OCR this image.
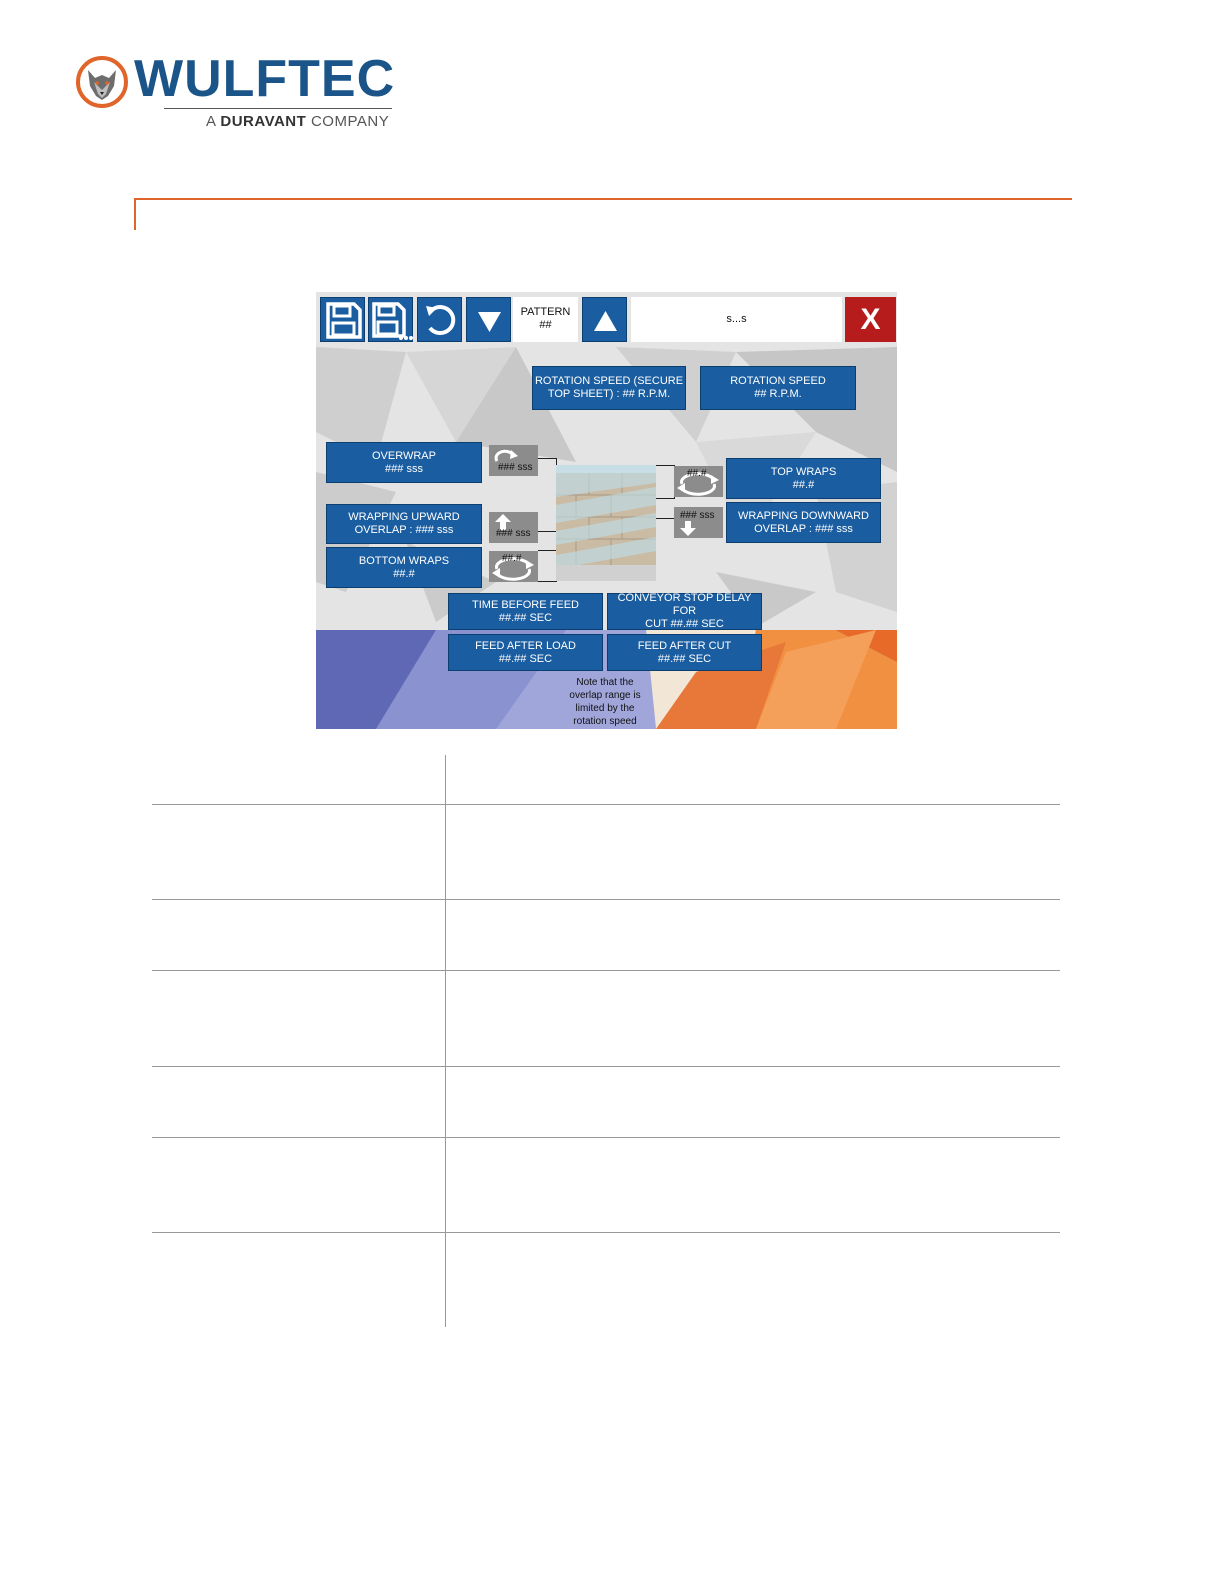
WULFTEC
A DURAVANT COMPANY
PATTERN
##	s...s	X
ROTATION SPEED (SECURE
TOP SHEET) : ## R.P.M.
ROTATION SPEED
## R.P.M.
OVERWRAP
### sss
WRAPPING UPWARD
OVERLAP : ### sss
BOTTOM WRAPS
##.#
### sss
### sss
##.#
##.#
### sss
TOP WRAPS
##.#
WRAPPING DOWNWARD
OVERLAP : ### sss
TIME BEFORE FEED
##.## SEC
CONVEYOR STOP DELAY FOR
CUT ##.## SEC
FEED AFTER LOAD
##.## SEC
FEED AFTER CUT
##.## SEC
Note that the overlap range is limited by the rotation speed
